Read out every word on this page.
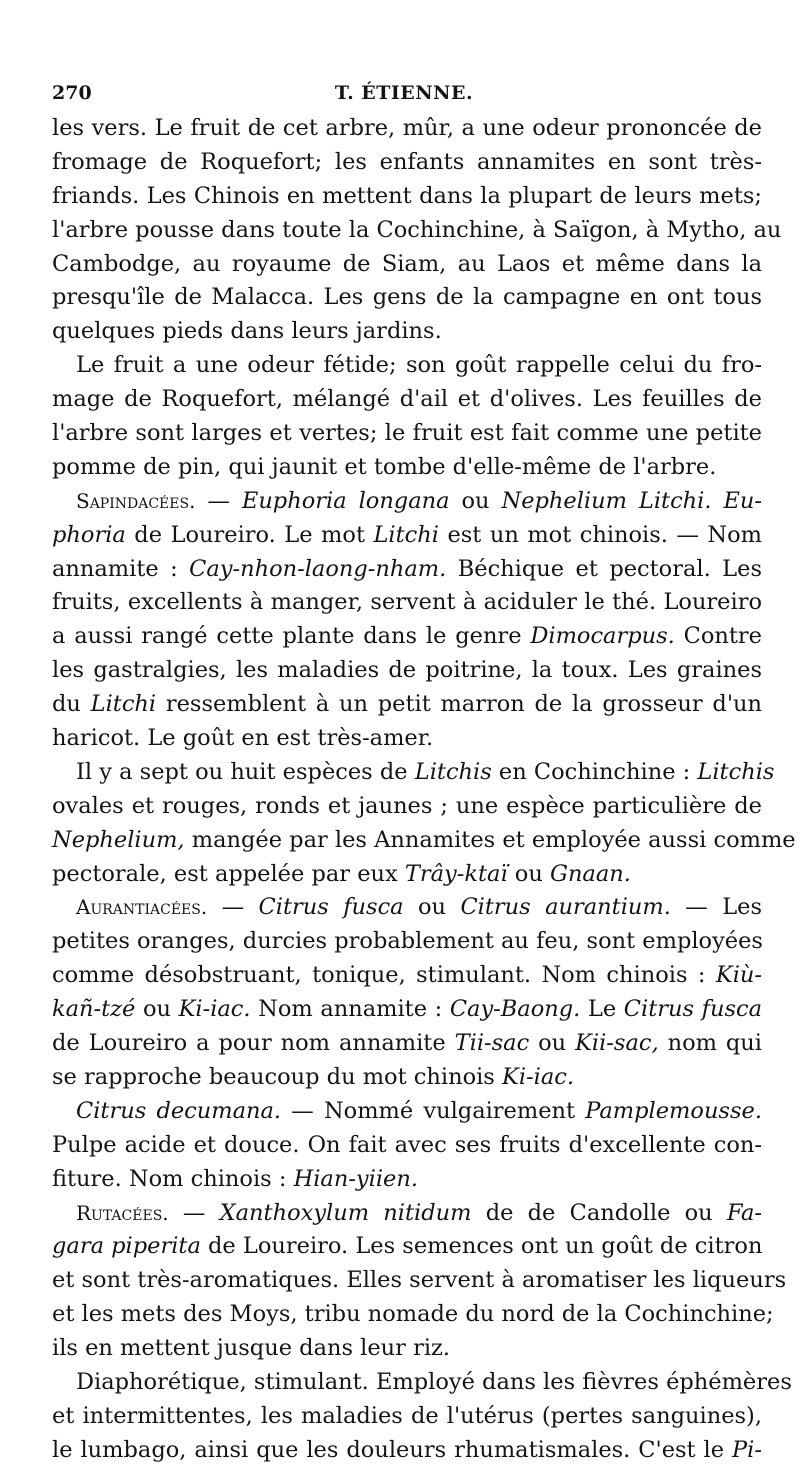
270	T. ÉTIENNE.
les vers. Le fruit de cet arbre, mûr, a une odeur prononcée de
fromage de Roquefort; les enfants annamites en sont très-
friands. Les Chinois en mettent dans la plupart de leurs mets;
l'arbre pousse dans toute la Cochinchine, à Saïgon, à Mytho, au
Cambodge, au royaume de Siam, au Laos et même dans la
presqu'île de Malacca. Les gens de la campagne en ont tous
quelques pieds dans leurs jardins.
Le fruit a une odeur fétide; son goût rappelle celui du fro-
mage de Roquefort, mélangé d'ail et d'olives. Les feuilles de
l'arbre sont larges et vertes; le fruit est fait comme une petite
pomme de pin, qui jaunit et tombe d'elle-même de l'arbre.
Sapindacées. — Euphoria longana ou Nephelium Litchi. Eu-
phoria de Loureiro. Le mot Litchi est un mot chinois. — Nom
annamite : Cay-nhon-laong-nham. Béchique et pectoral. Les
fruits, excellents à manger, servent à aciduler le thé. Loureiro
a aussi rangé cette plante dans le genre Dimocarpus. Contre
les gastralgies, les maladies de poitrine, la toux. Les graines
du Litchi ressemblent à un petit marron de la grosseur d'un
haricot. Le goût en est très-amer.
Il y a sept ou huit espèces de Litchis en Cochinchine : Litchis
ovales et rouges, ronds et jaunes ; une espèce particulière de
Nephelium, mangée par les Annamites et employée aussi comme
pectorale, est appelée par eux Trây-ktaï ou Gnaan.
Aurantiacées. — Citrus fusca ou Citrus aurantium. — Les
petites oranges, durcies probablement au feu, sont employées
comme désobstruant, tonique, stimulant. Nom chinois : Kiù-
kañ-tzé ou Ki-iac. Nom annamite : Cay-Baong. Le Citrus fusca
de Loureiro a pour nom annamite Tii-sac ou Kii-sac, nom qui
se rapproche beaucoup du mot chinois Ki-iac.
Citrus decumana. — Nommé vulgairement Pamplemousse.
Pulpe acide et douce. On fait avec ses fruits d'excellente con-
fiture. Nom chinois : Hian-yiien.
Rutacées. — Xanthoxylum nitidum de de Candolle ou Fa-
gara piperita de Loureiro. Les semences ont un goût de citron
et sont très-aromatiques. Elles servent à aromatiser les liqueurs
et les mets des Moys, tribu nomade du nord de la Cochinchine;
ils en mettent jusque dans leur riz.
Diaphorétique, stimulant. Employé dans les fièvres éphémères
et intermittentes, les maladies de l'utérus (pertes sanguines),
le lumbago, ainsi que les douleurs rhumatismales. C'est le Pi-
